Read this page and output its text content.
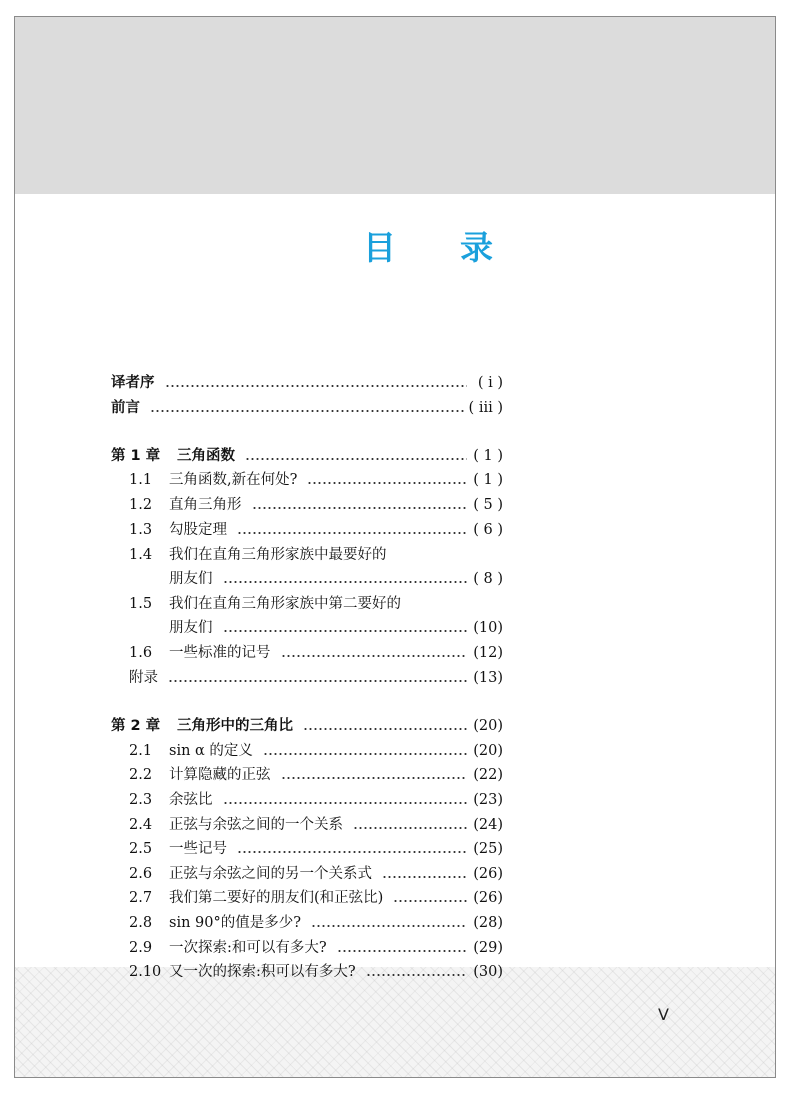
目 录
译者序	( ⅰ )
前言	( ⅲ )
第 1 章	三角函数	( 1 )
1.1	三角函数,新在何处?	( 1 )
1.2	直角三角形	( 5 )
1.3	勾股定理	( 6 )
1.4	我们在直角三角形家族中最要好的
朋友们	( 8 )
1.5	我们在直角三角形家族中第二要好的
朋友们	(10)
1.6	一些标准的记号	(12)
附录	(13)
第 2 章	三角形中的三角比	(20)
2.1	sin α 的定义	(20)
2.2	计算隐藏的正弦	(22)
2.3	余弦比	(23)
2.4	正弦与余弦之间的一个关系	(24)
2.5	一些记号	(25)
2.6	正弦与余弦之间的另一个关系式	(26)
2.7	我们第二要好的朋友们(和正弦比)	(26)
2.8	sin 90°的值是多少?	(28)
2.9	一次探索:和可以有多大?	(29)
2.10 又一次的探索:积可以有多大?	(30)
V
